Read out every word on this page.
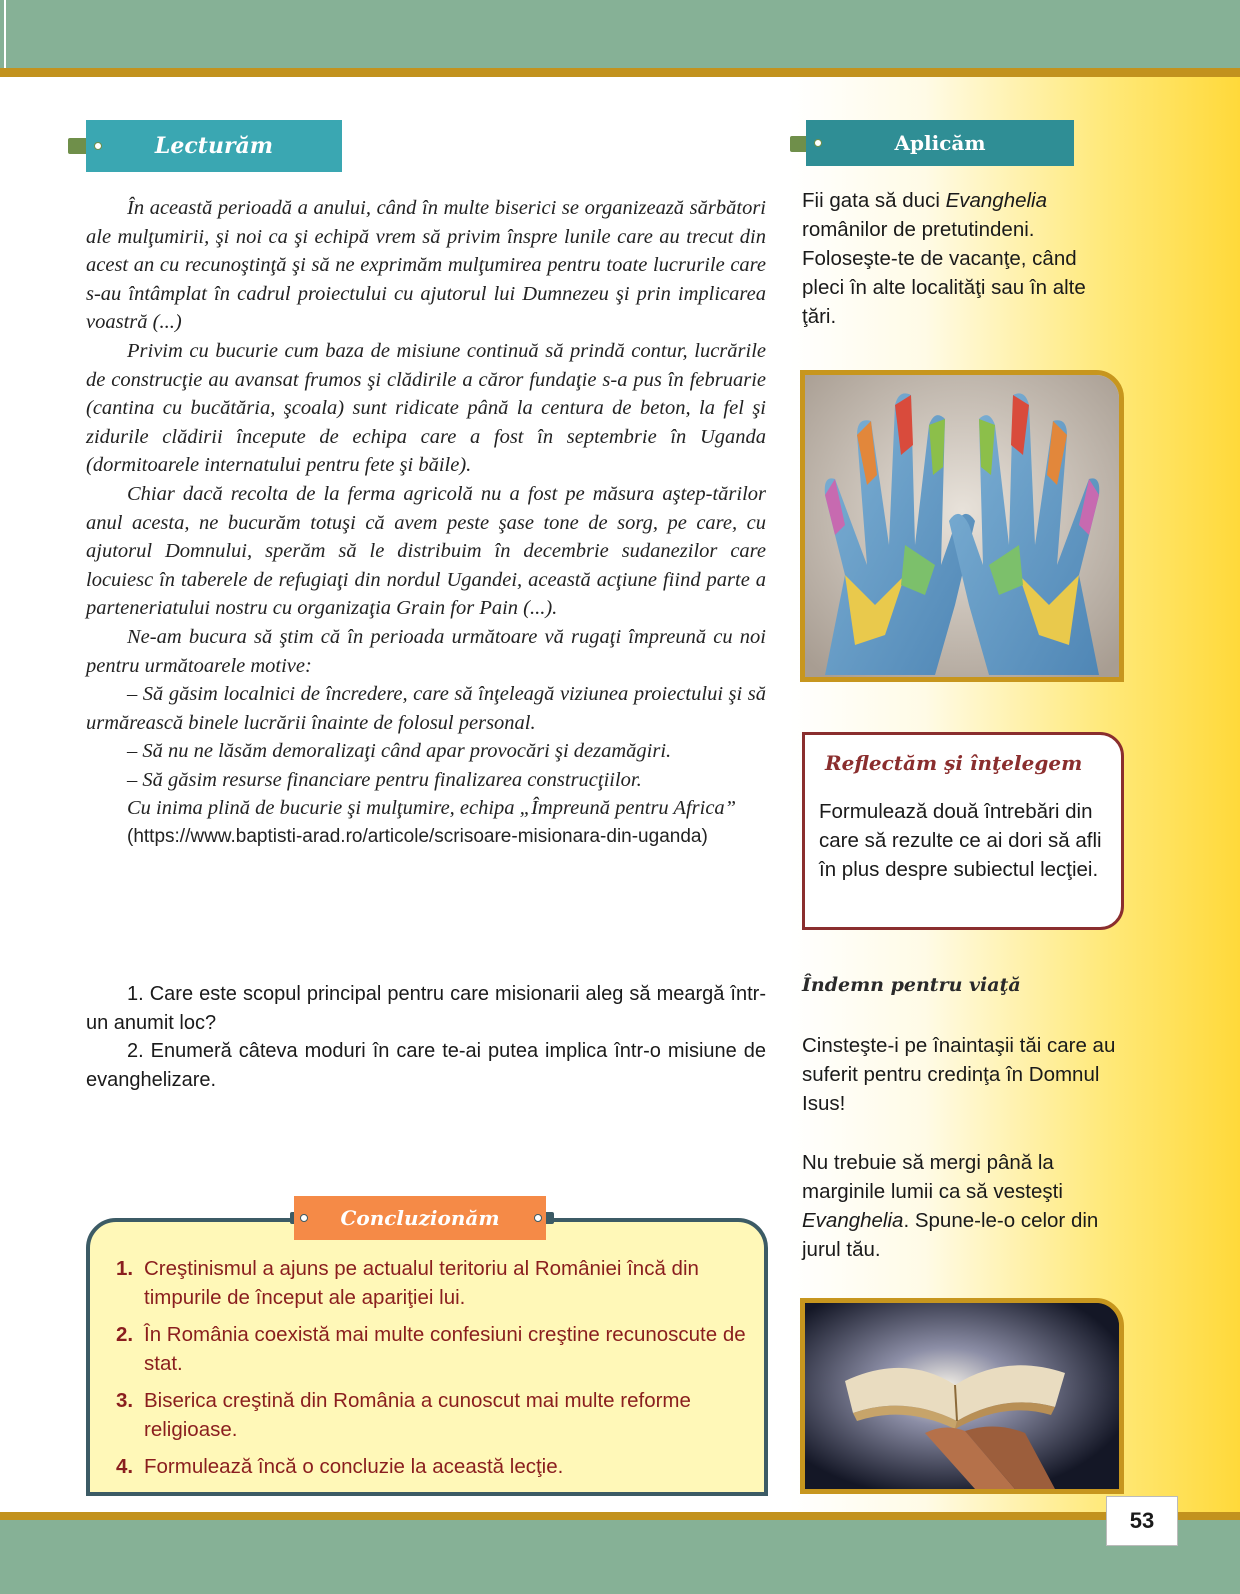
Lecturăm

În această perioadă a anului, când în multe biserici se organizează sărbători ale mulţumirii, şi noi ca şi echipă vrem să privim înspre lunile care au trecut din acest an cu recunoştinţă şi să ne exprimăm mulţumirea pentru toate lucrurile care s-au întâmplat în cadrul proiectului cu ajutorul lui Dumnezeu şi prin implicarea voastră (...)

Privim cu bucurie cum baza de misiune continuă să prindă contur, lucrările de construcţie au avansat frumos şi clădirile a căror fundaţie s-a pus în februarie (cantina cu bucătăria, şcoala) sunt ridicate până la centura de beton, la fel şi zidurile clădirii începute de echipa care a fost în septembrie în Uganda (dormitoarele internatului pentru fete şi băile).

Chiar dacă recolta de la ferma agricolă nu a fost pe măsura aştep-tărilor anul acesta, ne bucurăm totuşi că avem peste şase tone de sorg, pe care, cu ajutorul Domnului, sperăm să le distribuim în decembrie sudanezilor care locuiesc în taberele de refugiaţi din nordul Ugandei, această acţiune fiind parte a parteneriatului nostru cu organizaţia Grain for Pain (...).

Ne-am bucura să ştim că în perioada următoare vă rugaţi împreună cu noi pentru următoarele motive:

– Să găsim localnici de încredere, care să înţeleagă viziunea proiectului şi să urmărească binele lucrării înainte de folosul personal.

– Să nu ne lăsăm demoralizaţi când apar provocări şi dezamăgiri.

– Să găsim resurse financiare pentru finalizarea construcţiilor.

Cu inima plină de bucurie şi mulţumire, echipa „Împreună pentru Africa”

(https://www.baptisti-arad.ro/articole/scrisoare-misionara-din-uganda)

1. Care este scopul principal pentru care misionarii aleg să meargă într-un anumit loc?

2. Enumeră câteva moduri în care te-ai putea implica într-o misiune de evanghelizare.

Aplicăm
Fii gata să duci Evanghelia românilor de pretutindeni. Foloseşte-te de vacanţe, când pleci în alte localităţi sau în alte ţări.
Reflectăm şi înţelegem
Formulează două întrebări din care să rezulte ce ai dori să afli în plus despre subiectul lecţiei.
Îndemn pentru viaţă
Cinsteşte-i pe înaintaşii tăi care au suferit pentru credinţa în Domnul Isus!
Nu trebuie să mergi până la marginile lumii ca să vesteşti Evanghelia. Spune-le-o celor din jurul tău.
Concluzionăm
1. Creştinismul a ajuns pe actualul teritoriu al României încă din timpurile de început ale apariţiei lui.
2. În România coexistă mai multe confesiuni creştine recunoscute de stat.
3. Biserica creştină din România a cunoscut mai multe reforme religioase.
4. Formulează încă o concluzie la această lecţie.
53
